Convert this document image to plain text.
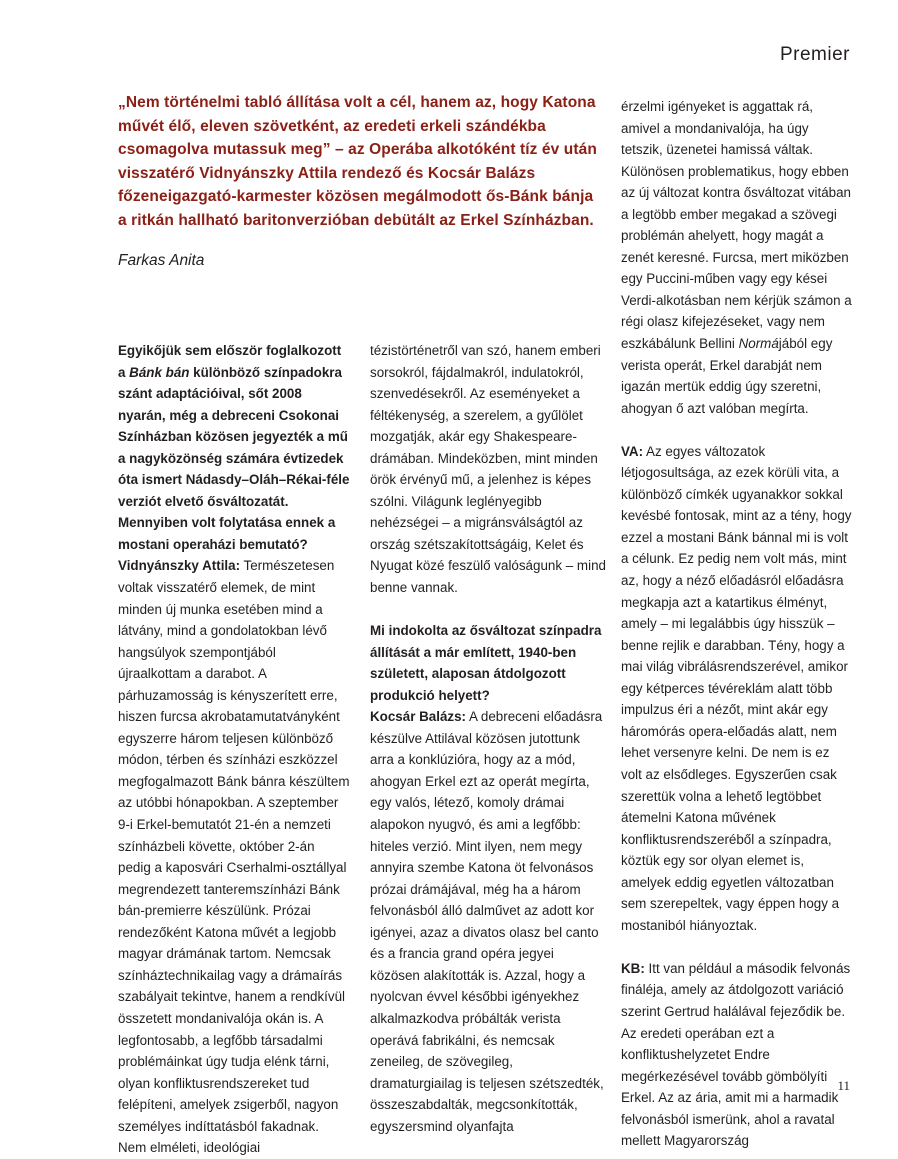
Premier

„Nem történelmi tabló állítása volt a cél, hanem az, hogy Katona művét élő, eleven szövetként, az eredeti erkeli szándékba csomagolva mutassuk meg” – az Operába alkotóként tíz év után visszatérő Vidnyánszky Attila rendező és Kocsár Balázs főzeneigazgató-karmester közösen megálmodott ős-Bánk bánja a ritkán hallható baritonverzióban debütált az Erkel Színházban.

Farkas Anita

Egyikőjük sem először foglalkozott a Bánk bán különböző színpadokra szánt adaptációival, sőt 2008 nyarán, még a debreceni Csokonai Színházban közösen jegyezték a mű a nagyközönség számára évtizedek óta ismert Nádasdy–Oláh–Rékai-féle verziót elvető ősváltozatát. Mennyiben volt folytatása ennek a mostani operaházi bemutató?

Vidnyánszky Attila: Természetesen voltak visszatérő elemek, de mint minden új munka esetében mind a látvány, mind a gondolatokban lévő hangsúlyok szempontjából újraalkottam a darabot. A párhuzamosság is kényszerített erre, hiszen furcsa akrobatamutatványként egyszerre három teljesen különböző módon, térben és színházi eszközzel megfogalmazott Bánk bánra készültem az utóbbi hónapokban. A szeptember 9-i Erkel-bemutatót 21-én a nemzeti színházbeli követte, október 2-án pedig a kaposvári Cserhalmi-osztállyal megrendezett tanteremszínházi Bánk bán-premierre készülünk. Prózai rendezőként Katona művét a legjobb magyar drámának tartom. Nemcsak színháztechnikailag vagy a drámaírás szabályait tekintve, hanem a rendkívül összetett mondanivalója okán is. A legfontosabb, a legfőbb társadalmi problémáinkat úgy tudja elénk tárni, olyan konfliktusrendszereket tud felépíteni, amelyek zsigerből, nagyon személyes indíttatásból fakadnak. Nem elméleti, ideológiai

tézistörténetről van szó, hanem emberi sorsokról, fájdalmakról, indulatokról, szenvedésekről. Az eseményeket a féltékenység, a szerelem, a gyűlölet mozgatják, akár egy Shakespeare-drámában. Mindeközben, mint minden örök érvényű mű, a jelenhez is képes szólni. Világunk leglényegibb nehézségei – a migránsválságtól az ország szétszakítottságáig, Kelet és Nyugat közé feszülő valóságunk – mind benne vannak.

Mi indokolta az ősváltozat színpadra állítását a már említett, 1940-ben született, alaposan átdolgozott produkció helyett?

Kocsár Balázs: A debreceni előadásra készülve Attilával közösen jutottunk arra a konklúzióra, hogy az a mód, ahogyan Erkel ezt az operát megírta, egy valós, létező, komoly drámai alapokon nyugvó, és ami a legfőbb: hiteles verzió. Mint ilyen, nem megy annyira szembe Katona öt felvonásos prózai drámájával, még ha a három felvonásból álló dalművet az adott kor igényei, azaz a divatos olasz bel canto és a francia grand opéra jegyei közösen alakították is. Azzal, hogy a nyolcvan évvel későbbi igényekhez alkalmazkodva próbálták verista operává fabrikálni, és nemcsak zeneileg, de szövegileg, dramaturgiailag is teljesen szétszedték, összeszabdalták, megcsonkították, egyszersmind olyanfajta

érzelmi igényeket is aggattak rá, amivel a mondanivalója, ha úgy tetszik, üzenetei hamissá váltak. Különösen problematikus, hogy ebben az új változat kontra ősváltozat vitában a legtöbb ember megakad a szövegi problémán ahelyett, hogy magát a zenét keresné. Furcsa, mert miközben egy Puccini-műben vagy egy kései Verdi-alkotásban nem kérjük számon a régi olasz kifejezéseket, vagy nem eszkábálunk Bellini Normájából egy verista operát, Erkel darabját nem igazán mertük eddig úgy szeretni, ahogyan ő azt valóban megírta.

VA: Az egyes változatok létjogosultsága, az ezek körüli vita, a különböző címkék ugyanakkor sokkal kevésbé fontosak, mint az a tény, hogy ezzel a mostani Bánk bánnal mi is volt a célunk. Ez pedig nem volt más, mint az, hogy a néző előadásról előadásra megkapja azt a katartikus élményt, amely – mi legalábbis úgy hisszük – benne rejlik e darabban. Tény, hogy a mai világ vibrálásrendszerével, amikor egy kétperces tévéreklám alatt több impulzus éri a nézőt, mint akár egy háromórás opera-előadás alatt, nem lehet versenyre kelni. De nem is ez volt az elsődleges. Egyszerűen csak szerettük volna a lehető legtöbbet átemelni Katona művének konfliktusrendszeréből a színpadra, köztük egy sor olyan elemet is, amelyek eddig egyetlen változatban sem szerepeltek, vagy éppen hogy a mostaniból hiányoztak.

KB: Itt van például a második felvonás fináléja, amely az átdolgozott variáció szerint Gertrud halálával fejeződik be. Az eredeti operában ezt a konfliktushelyzetet Endre megérkezésével tovább gömbölyíti Erkel. Az az ária, amit mi a harmadik felvonásból ismerünk, ahol a ravatal mellett Magyarország

11
